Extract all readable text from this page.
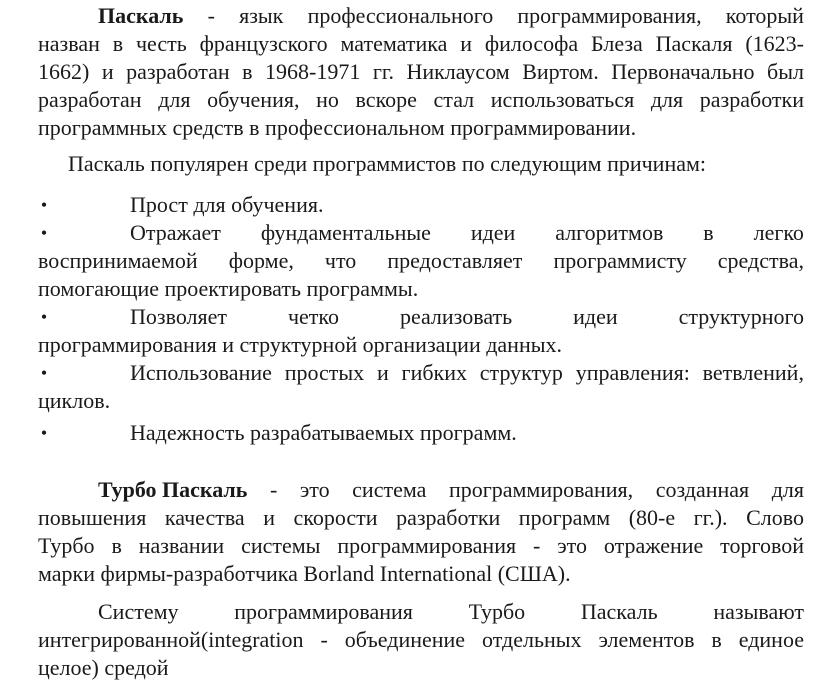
Паскаль - язык профессионального программирования, который
назван в честь французского математика и философа Блеза Паскаля (1623-
1662) и разработан в 1968-1971 гг. Никлаусом Виртом. Первоначально был
разработан для обучения, но вскоре стал использоваться для разработки
программных средств в профессиональном программировании.
Паскаль популярен среди программистов по следующим причинам:
•	Прост для обучения.
•	Отражает фундаментальные идеи алгоритмов в легко
воспринимаемой форме, что предоставляет программисту средства,
помогающие проектировать программы.
•	Позволяет	четко	реализовать	идеи	структурного
программирования и структурной организации данных.
•	Использование простых и гибких структур управления: ветвлений,
циклов.
•	Надежность разрабатываемых программ.
Турбо Паскаль - это система программирования, созданная для
повышения качества и скорости разработки программ (80-е гг.). Слово
Турбо в названии системы программирования - это отражение торговой
марки фирмы-разработчика Borland International (США).
Систему	программирования	Турбо	Паскаль	называют
интегрированной(integration - объединение отдельных элементов в единое
целое) средой
